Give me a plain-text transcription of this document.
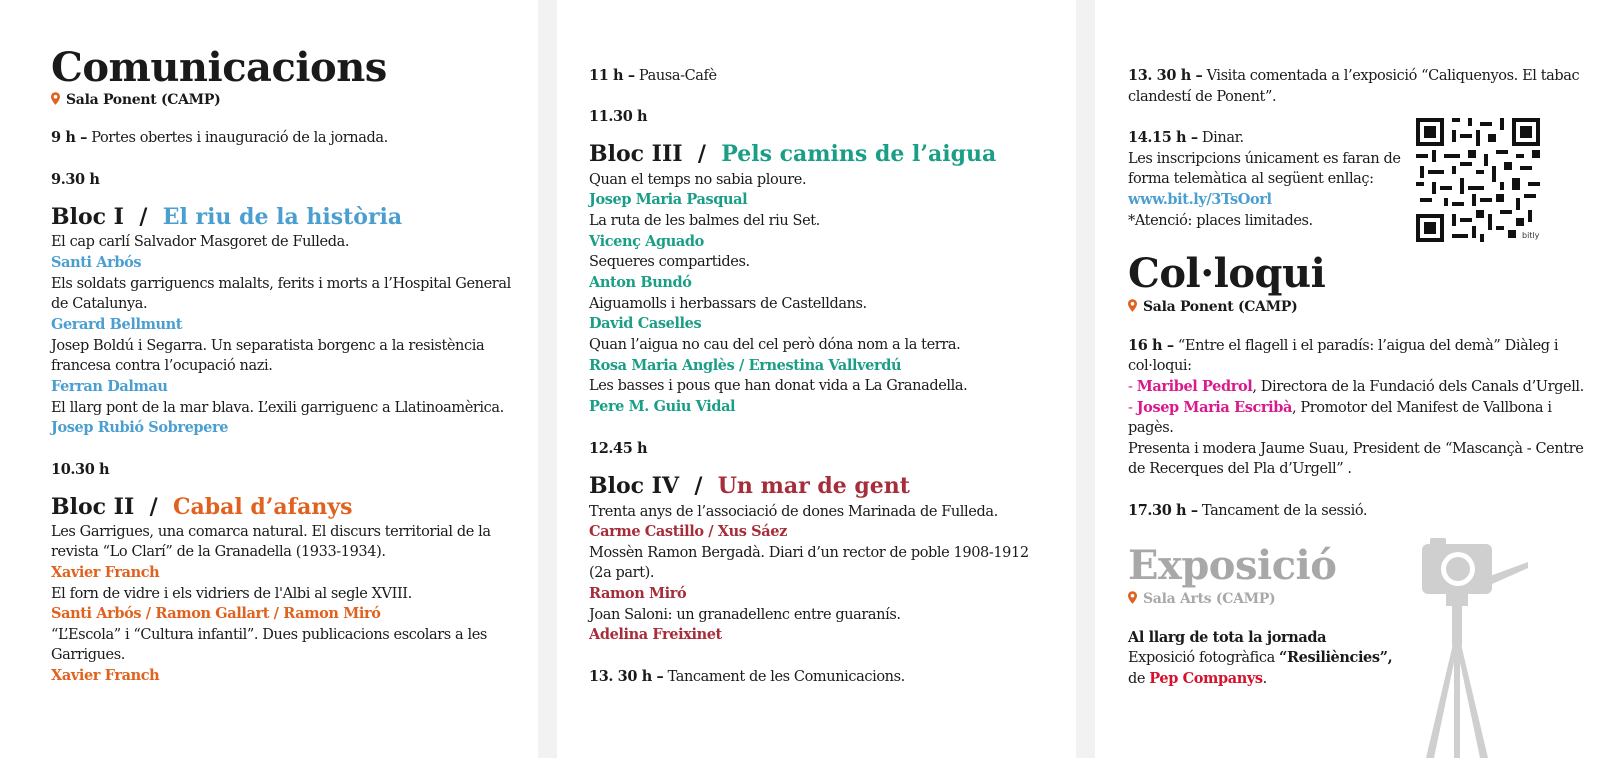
Comunicacions
Sala Ponent (CAMP)
9 h – Portes obertes i inauguració de la jornada.
9.30 h
Bloc I / El riu de la història
El cap carlí Salvador Masgoret de Fulleda.
Santi Arbós
Els soldats garriguencs malalts, ferits i morts a l’Hospital General
de Catalunya.
Gerard Bellmunt
Josep Boldú i Segarra. Un separatista borgenc a la resistència
francesa contra l’ocupació nazi.
Ferran Dalmau
El llarg pont de la mar blava. L’exili garriguenc a Llatinoamèrica.
Josep Rubió Sobrepere
10.30 h
Bloc II / Cabal d’afanys
Les Garrigues, una comarca natural. El discurs territorial de la
revista “Lo Clarí” de la Granadella (1933-1934).
Xavier Franch
El forn de vidre i els vidriers de l'Albi al segle XVIII.
Santi Arbós / Ramon Gallart / Ramon Miró
“L’Escola” i “Cultura infantil”. Dues publicacions escolars a les
Garrigues.
Xavier Franch
11 h – Pausa-Cafè
11.30 h
Bloc III / Pels camins de l’aigua
Quan el temps no sabia ploure.
Josep Maria Pasqual
La ruta de les balmes del riu Set.
Vicenç Aguado
Sequeres compartides.
Anton Bundó
Aiguamolls i herbassars de Castelldans.
David Caselles
Quan l’aigua no cau del cel però dóna nom a la terra.
Rosa Maria Anglès / Ernestina Vallverdú
Les basses i pous que han donat vida a La Granadella.
Pere M. Guiu Vidal
12.45 h
Bloc IV / Un mar de gent
Trenta anys de l’associació de dones Marinada de Fulleda.
Carme Castillo / Xus Sáez
Mossèn Ramon Bergadà. Diari d’un rector de poble 1908-1912
(2a part).
Ramon Miró
Joan Saloni: un granadellenc entre guaranís.
Adelina Freixinet
13. 30 h – Tancament de les Comunicacions.
13. 30 h – Visita comentada a l’exposició “Caliquenyos. El tabac
clandestí de Ponent”.
14.15 h – Dinar.
Les inscripcions únicament es faran de
forma telemàtica al següent enllaç:
www.bit.ly/3TsOorl
*Atenció: places limitades.
Col·loqui
Sala Ponent (CAMP)
16 h – “Entre el flagell i el paradís: l’aigua del demà” Diàleg i
col·loqui:
- Maribel Pedrol, Directora de la Fundació dels Canals d’Urgell.
- Josep Maria Escribà, Promotor del Manifest de Vallbona i
pagès.
Presenta i modera Jaume Suau, President de “Mascançà - Centre
de Recerques del Pla d’Urgell” .
17.30 h – Tancament de la sessió.
Exposició
Sala Arts (CAMP)
Al llarg de tota la jornada
Exposició fotogràfica “Resiliències”,
de Pep Companys.
bitly
